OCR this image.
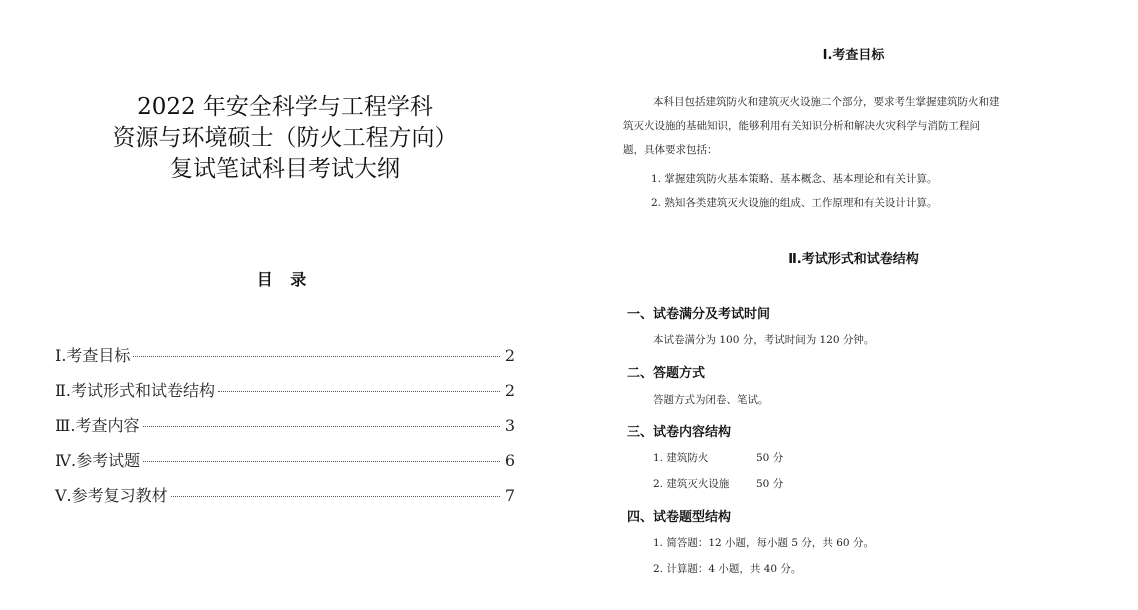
2022 年安全科学与工程学科
资源与环境硕士（防火工程方向）
复试笔试科目考试大纲
目 录
Ⅰ.考查目标	2
Ⅱ.考试形式和试卷结构	2
Ⅲ.考查内容	3
Ⅳ.参考试题	6
Ⅴ.参考复习教材	7
Ⅰ.考查目标
本科目包括建筑防火和建筑灭火设施二个部分，要求考生掌握建筑防火和建
筑灭火设施的基础知识，能够利用有关知识分析和解决火灾科学与消防工程问
题，具体要求包括：
1. 掌握建筑防火基本策略、基本概念、基本理论和有关计算。
2. 熟知各类建筑灭火设施的组成、工作原理和有关设计计算。
Ⅱ.考试形式和试卷结构
一、试卷满分及考试时间
本试卷满分为 100 分，考试时间为 120 分钟。
二、答题方式
答题方式为闭卷、笔试。
三、试卷内容结构
1. 建筑防火	50 分
2. 建筑灭火设施	50 分
四、试卷题型结构
1. 简答题：12 小题，每小题 5 分，共 60 分。
2. 计算题：4 小题，共 40 分。
